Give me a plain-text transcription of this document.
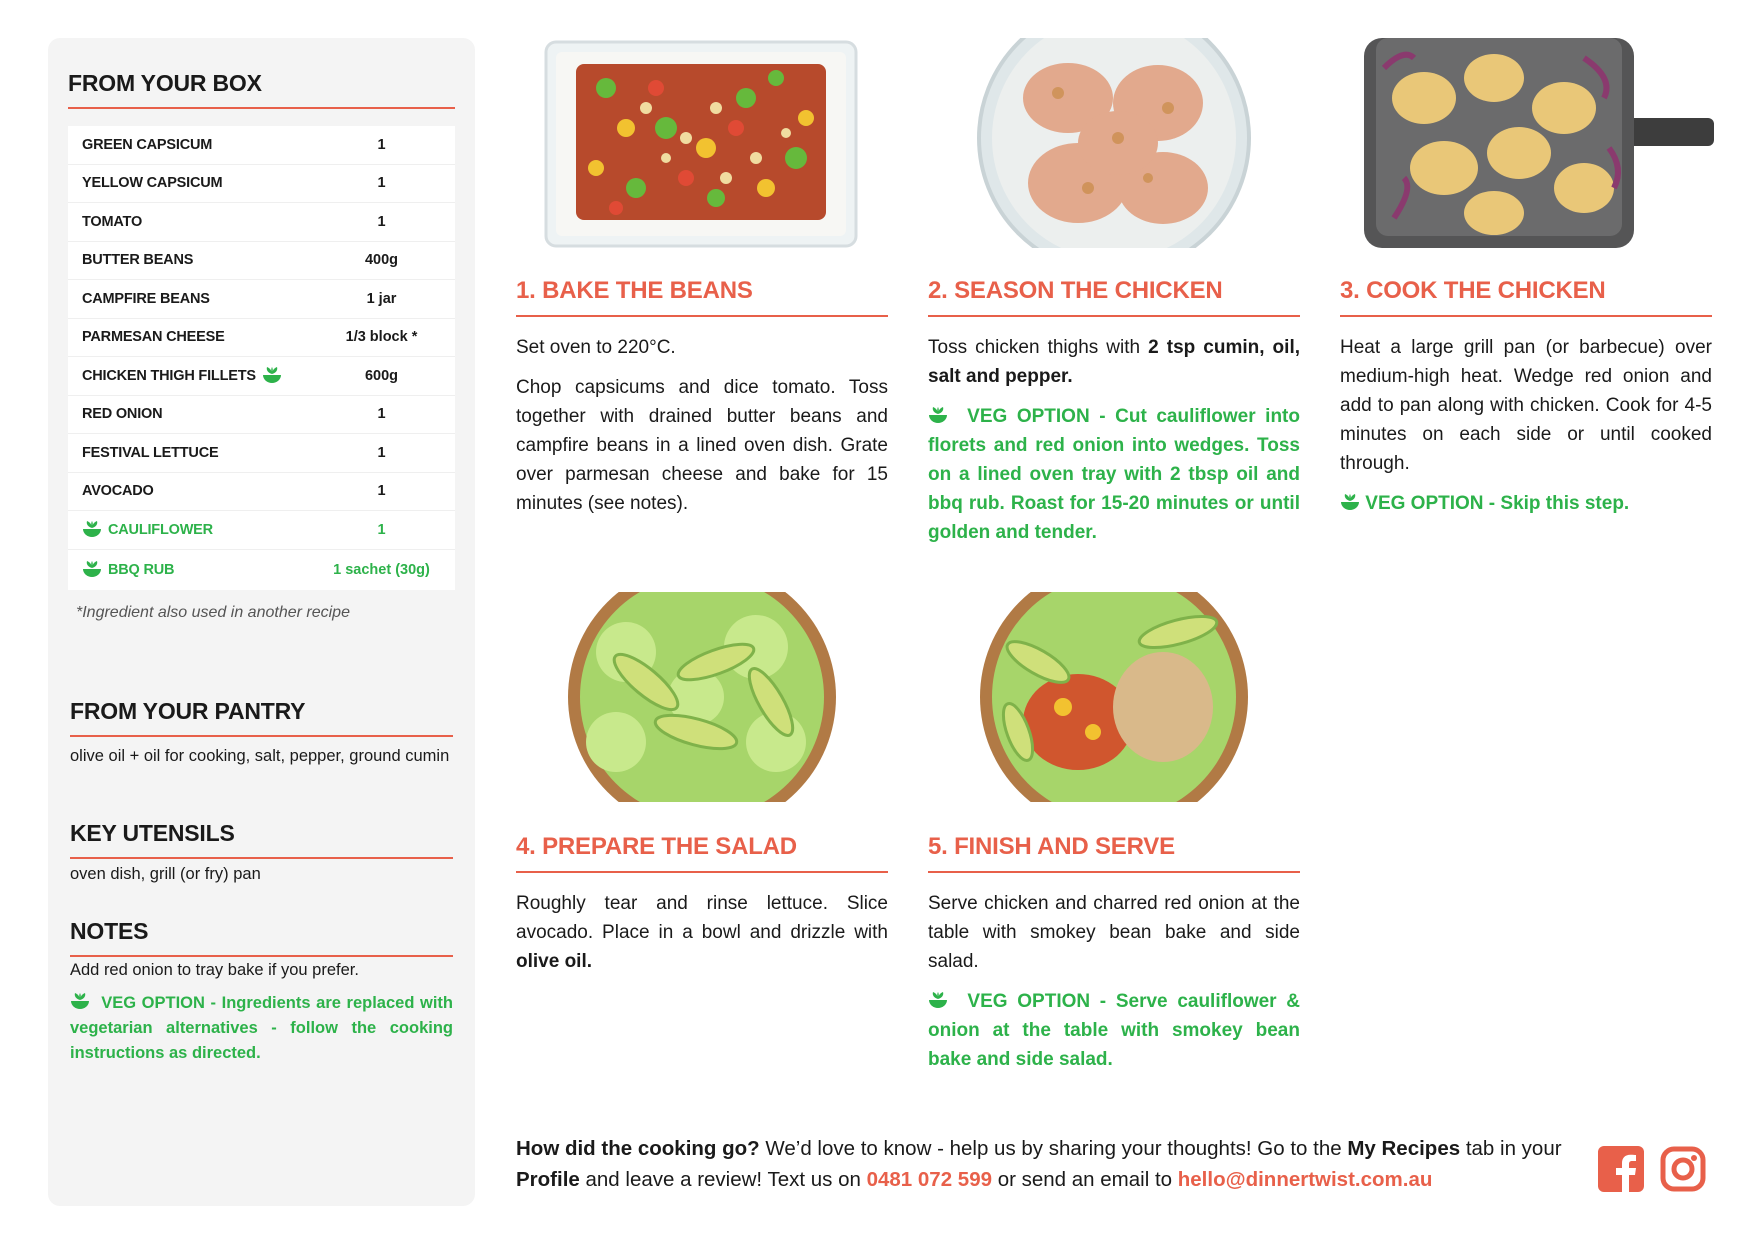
FROM YOUR BOX
GREEN CAPSICUM	1
YELLOW CAPSICUM	1
TOMATO	1
BUTTER BEANS	400g
CAMPFIRE BEANS	1 jar
PARMESAN CHEESE	1/3 block *
CHICKEN THIGH FILLETS	600g
RED ONION	1
FESTIVAL LETTUCE	1
AVOCADO	1
CAULIFLOWER	1
BBQ RUB	1 sachet (30g)
*Ingredient also used in another recipe
FROM YOUR PANTRY
olive oil + oil for cooking, salt, pepper, ground cumin
KEY UTENSILS
oven dish, grill (or fry) pan
NOTES
Add red onion to tray bake if you prefer.
VEG OPTION - Ingredients are replaced with vegetarian alternatives - follow the cooking instructions as directed.
1. BAKE THE BEANS

Set oven to 220°C.

Chop capsicums and dice tomato. Toss together with drained butter beans and campfire beans in a lined oven dish. Grate over parmesan cheese and bake for 15 minutes (see notes).

2. SEASON THE CHICKEN

Toss chicken thighs with 2 tsp cumin, oil, salt and pepper.

VEG OPTION - Cut cauliflower into florets and red onion into wedges. Toss on a lined oven tray with 2 tbsp oil and bbq rub. Roast for 15-20 minutes or until golden and tender.

3. COOK THE CHICKEN

Heat a large grill pan (or barbecue) over medium-high heat. Wedge red onion and add to pan along with chicken. Cook for 4-5 minutes on each side or until cooked through.

VEG OPTION - Skip this step.

4. PREPARE THE SALAD

Roughly tear and rinse lettuce. Slice avocado. Place in a bowl and drizzle with olive oil.

5. FINISH AND SERVE

Serve chicken and charred red onion at the table with smokey bean bake and side salad.

VEG OPTION - Serve cauliflower & onion at the table with smokey bean bake and side salad.

How did the cooking go? We’d love to know - help us by sharing your thoughts! Go to the My Recipes tab in your Profile and leave a review! Text us on 0481 072 599 or send an email to hello@dinnertwist.com.au
